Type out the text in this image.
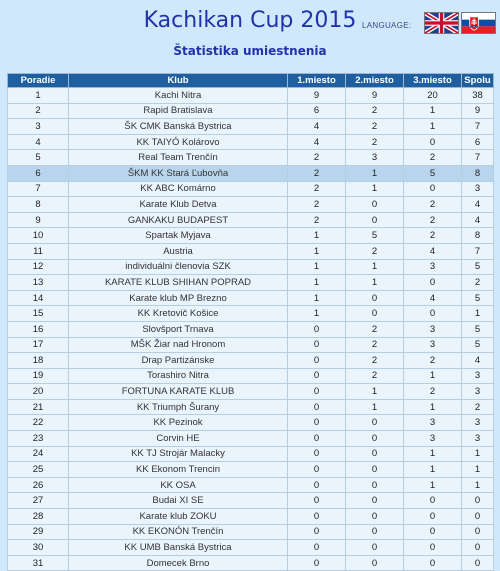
Kachikan Cup 2015 LANGUAGE:
Štatistika umiestnenia
Poradie	Klub	1.miesto	2.miesto	3.miesto	Spolu
1	Kachi Nitra	9	9	20	38
2	Rapid Bratislava	6	2	1	9
3	ŠK CMK Banská Bystrica	4	2	1	7
4	KK TAIYÓ Kolárovo	4	2	0	6
5	Real Team Trenčín	2	3	2	7
6	ŠKM KK Stará Ľubovňa	2	1	5	8
7	KK ABC Komárno	2	1	0	3
8	Karate Klub Detva	2	0	2	4
9	GANKAKU BUDAPEST	2	0	2	4
10	Spartak Myjava	1	5	2	8
11	Austria	1	2	4	7
12	individuálni členovia SZK	1	1	3	5
13	KARATE KLUB SHIHAN POPRAD	1	1	0	2
14	Karate klub MP Brezno	1	0	4	5
15	KK Kretovič Košice	1	0	0	1
16	Slovšport Trnava	0	2	3	5
17	MŠK Žiar nad Hronom	0	2	3	5
18	Drap Partizánske	0	2	2	4
19	Torashiro Nitra	0	2	1	3
20	FORTUNA KARATE KLUB	0	1	2	3
21	KK Triumph Šurany	0	1	1	2
22	KK Pezinok	0	0	3	3
23	Corvin HE	0	0	3	3
24	KK TJ Strojár Malacky	0	0	1	1
25	KK Ekonom Trencin	0	0	1	1
26	KK OSA	0	0	1	1
27	Budai XI SE	0	0	0	0
28	Karate klub ZOKU	0	0	0	0
29	KK EKONÓN Trenčín	0	0	0	0
30	KK UMB Banská Bystrica	0	0	0	0
31	Domecek Brno	0	0	0	0
